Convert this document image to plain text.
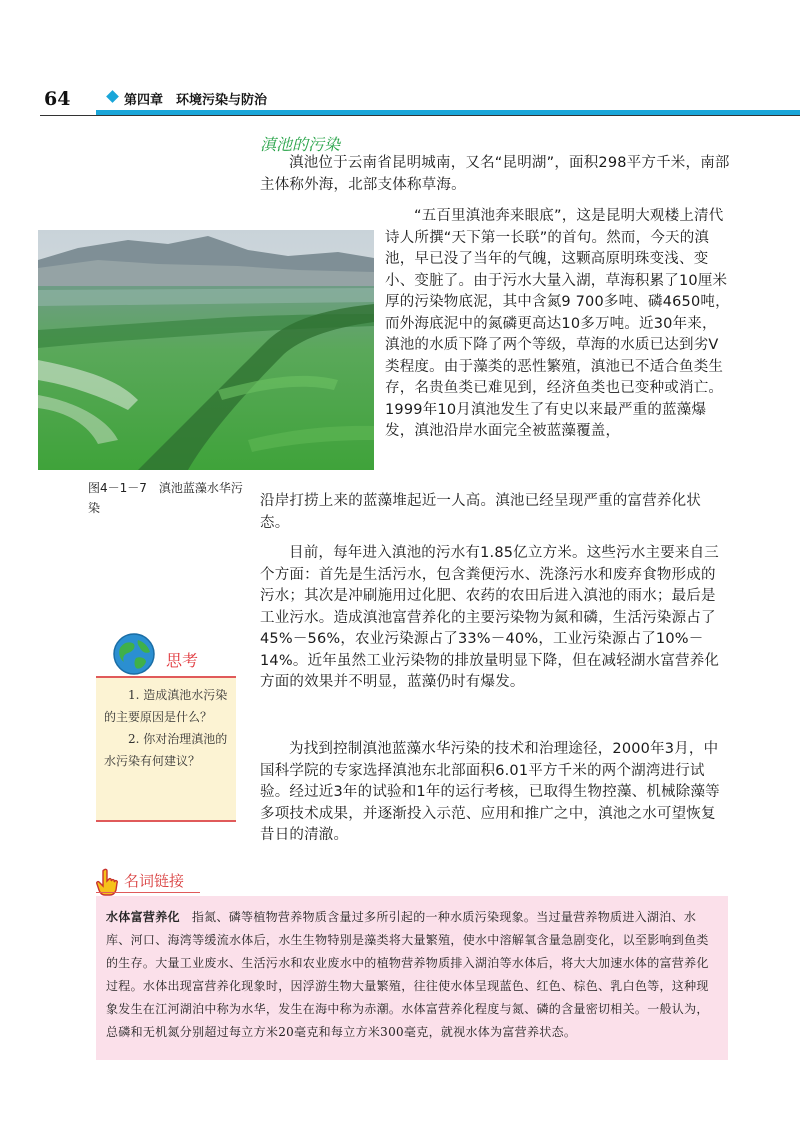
64	第四章　环境污染与防治
滇池的污染

滇池位于云南省昆明城南，又名“昆明湖”，面积298平方千米，南部主体称外海，北部支体称草海。

“五百里滇池奔来眼底”，这是昆明大观楼上清代诗人所撰“天下第一长联”的首句。然而，今天的滇池，早已没了当年的气魄，这颗高原明珠变浅、变小、变脏了。由于污水大量入湖，草海积累了10厘米厚的污染物底泥，其中含氮9 700多吨、磷4650吨，而外海底泥中的氮磷更高达10多万吨。近30年来，滇池的水质下降了两个等级，草海的水质已达到劣Ⅴ类程度。由于藻类的恶性繁殖，滇池已不适合鱼类生存，名贵鱼类已难见到，经济鱼类也已变种或消亡。1999年10月滇池发生了有史以来最严重的蓝藻爆发，滇池沿岸水面完全被蓝藻覆盖，

沿岸打捞上来的蓝藻堆起近一人高。滇池已经呈现严重的富营养化状态。

目前，每年进入滇池的污水有1.85亿立方米。这些污水主要来自三个方面：首先是生活污水，包含粪便污水、洗涤污水和废弃食物形成的污水；其次是冲刷施用过化肥、农药的农田后进入滇池的雨水；最后是工业污水。造成滇池富营养化的主要污染物为氮和磷，生活污染源占了45%－56%，农业污染源占了33%－40%，工业污染源占了10%－14%。近年虽然工业污染物的排放量明显下降，但在减轻湖水富营养化方面的效果并不明显，蓝藻仍时有爆发。

为找到控制滇池蓝藻水华污染的技术和治理途径，2000年3月，中国科学院的专家选择滇池东北部面积6.01平方千米的两个湖湾进行试验。经过近3年的试验和1年的运行考核，已取得生物控藻、机械除藻等多项技术成果，并逐渐投入示范、应用和推广之中，滇池之水可望恢复昔日的清澈。

图4－1－7　滇池蓝藻水华污染
思考

1. 造成滇池水污染的主要原因是什么？

2. 你对治理滇池的水污染有何建议？

名词链接
水体富营养化 指氮、磷等植物营养物质含量过多所引起的一种水质污染现象。当过量营养物质进入湖泊、水库、河口、海湾等缓流水体后，水生生物特别是藻类将大量繁殖，使水中溶解氧含量急剧变化，以至影响到鱼类的生存。大量工业废水、生活污水和农业废水中的植物营养物质排入湖泊等水体后，将大大加速水体的富营养化过程。水体出现富营养化现象时，因浮游生物大量繁殖，往往使水体呈现蓝色、红色、棕色、乳白色等，这种现象发生在江河湖泊中称为水华，发生在海中称为赤潮。水体富营养化程度与氮、磷的含量密切相关。一般认为，总磷和无机氮分别超过每立方米20毫克和每立方米300毫克，就视水体为富营养状态。
